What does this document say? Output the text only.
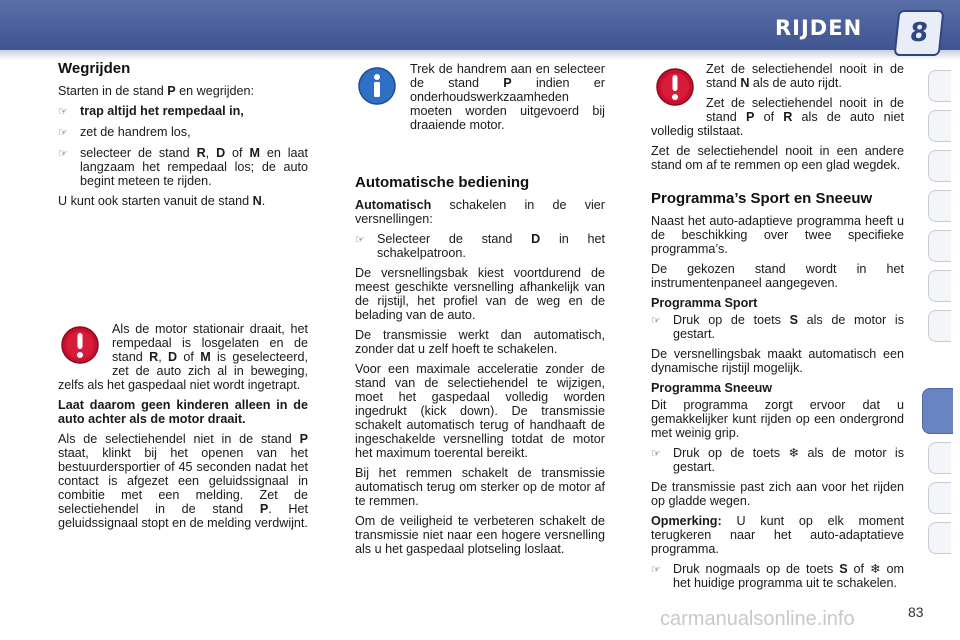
RIJDEN	8
Wegrijden

Starten in de stand P en wegrijden:

☞ trap altijd het rempedaal in,
☞ zet de handrem los,
☞ selecteer de stand R, D of M en laat langzaam het rempedaal los; de auto begint meteen te rijden.

U kunt ook starten vanuit de stand N.

Als de motor stationair draait, het rempedaal is losgelaten en de stand R, D of M is geselecteerd, zet de auto zich al in beweging, zelfs als het gaspedaal niet wordt ingetrapt.

Laat daarom geen kinderen alleen in de auto achter als de motor draait.

Als de selectiehendel niet in de stand P staat, klinkt bij het openen van het bestuurdersportier of 45 seconden nadat het contact is afgezet een geluidssignaal in combitie met een melding. Zet de selectiehendel in de stand P. Het geluidssignaal stopt en de melding verdwijnt.

Trek de handrem aan en selecteer de stand P indien er onderhoudswerkzaamheden moeten worden uitgevoerd bij draaiende motor.

Automatische bediening

Automatisch schakelen in de vier versnellingen:

☞ Selecteer de stand D in het schakelpatroon.

De versnellingsbak kiest voortdurend de meest geschikte versnelling afhankelijk van de rijstijl, het profiel van de weg en de belading van de auto.

De transmissie werkt dan automatisch, zonder dat u zelf hoeft te schakelen.

Voor een maximale acceleratie zonder de stand van de selectiehendel te wijzigen, moet het gaspedaal volledig worden ingedrukt (kick down). De transmissie schakelt automatisch terug of handhaaft de ingeschakelde versnelling totdat de motor het maximum toerental bereikt.

Bij het remmen schakelt de transmissie automatisch terug om sterker op de motor af te remmen.

Om de veiligheid te verbeteren schakelt de transmissie niet naar een hogere versnelling als u het gaspedaal plotseling loslaat.

Zet de selectiehendel nooit in de stand N als de auto rijdt.

Zet de selectiehendel nooit in de stand P of R als de auto niet volledig stilstaat.

Zet de selectiehendel nooit in een andere stand om af te remmen op een glad wegdek.

Programma’s Sport en Sneeuw

Naast het auto-adaptieve programma heeft u de beschikking over twee specifieke programma’s.

De gekozen stand wordt in het instrumentenpaneel aangegeven.

Programma Sport
☞ Druk op de toets S als de motor is gestart.

De versnellingsbak maakt automatisch een dynamische rijstijl mogelijk.

Programma Sneeuw

Dit programma zorgt ervoor dat u gemakkelijker kunt rijden op een ondergrond met weinig grip.

☞ Druk op de toets ❄ als de motor is gestart.

De transmissie past zich aan voor het rijden op gladde wegen.

Opmerking: U kunt op elk moment terugkeren naar het auto-adaptatieve programma.

☞ Druk nogmaals op de toets S of ❄ om het huidige programma uit te schakelen.
carmanualsonline.info	83
